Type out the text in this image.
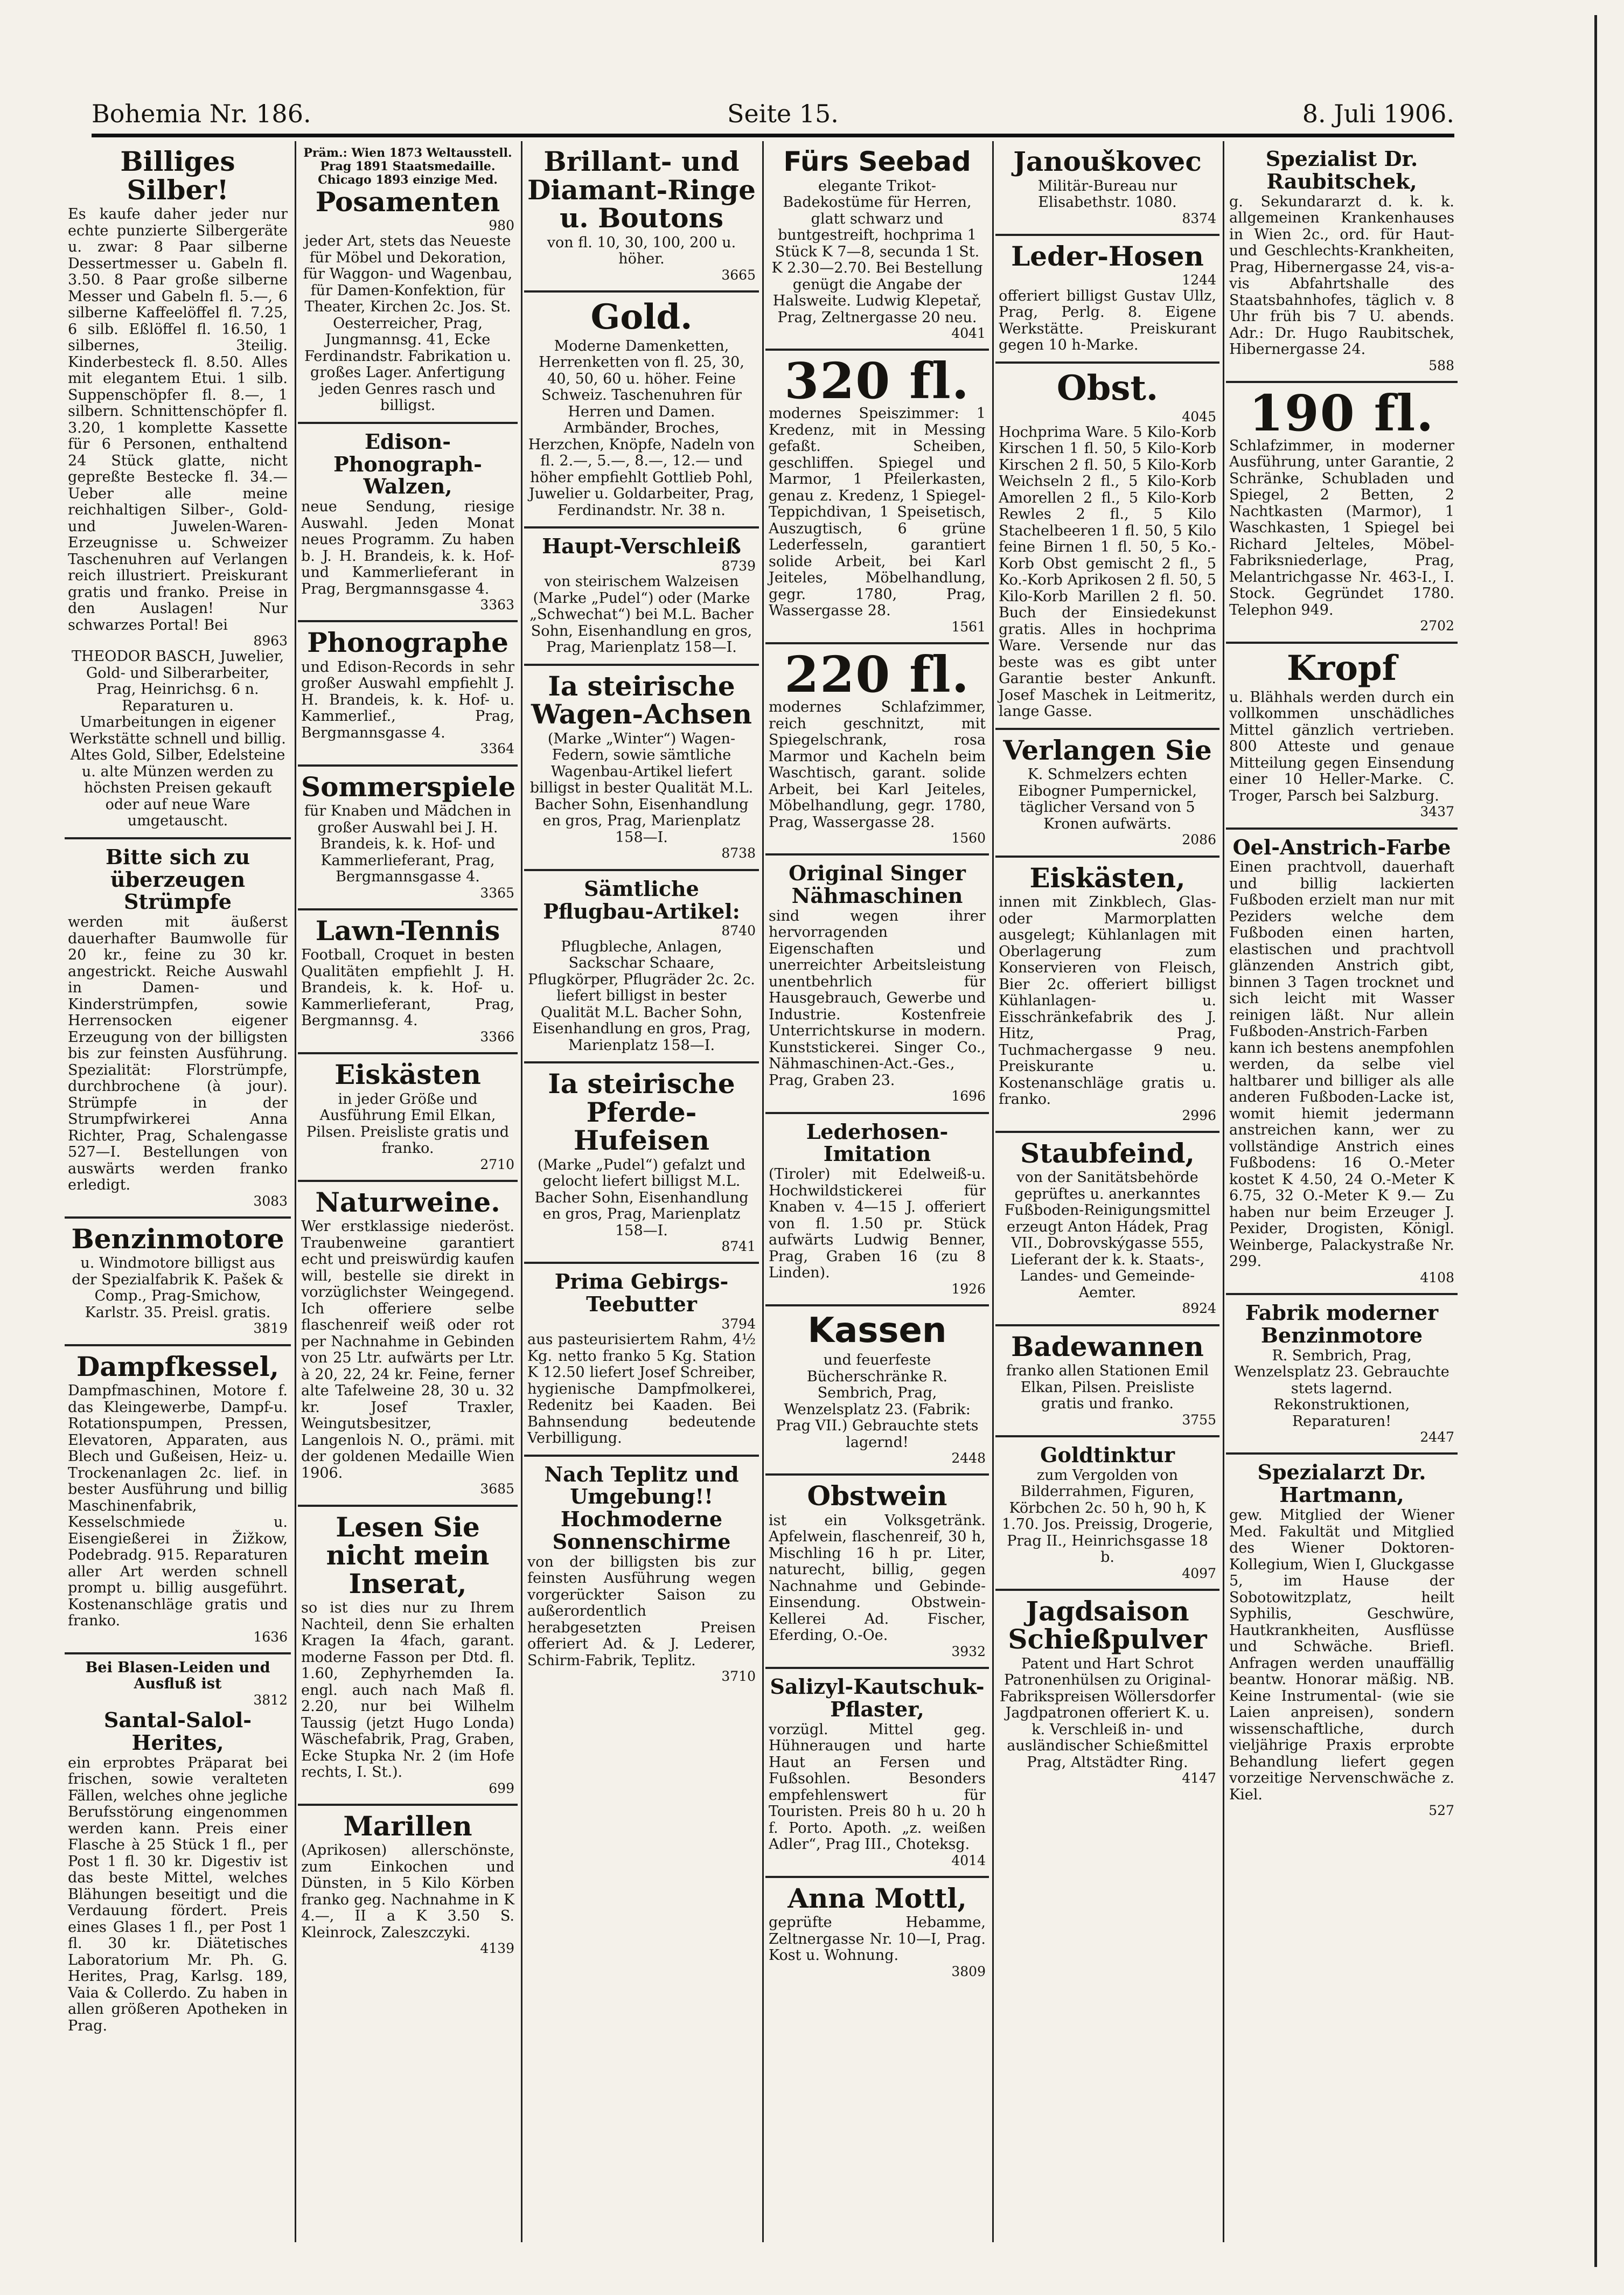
Bohemia Nr. 186.	Seite 15.	8. Juli 1906.
Billiges Silber!
Es kaufe daher jeder nur echte punzierte Silbergeräte u. zwar: 8 Paar silberne Dessertmesser u. Gabeln fl. 3.50. 8 Paar große silberne Messer und Gabeln fl. 5.—, 6 silberne Kaffeelöffel fl. 7.25, 6 silb. Eßlöffel fl. 16.50, 1 silbernes, 3teilig. Kinderbesteck fl. 8.50. Alles mit elegantem Etui. 1 silb. Suppenschöpfer fl. 8.—, 1 silbern. Schnittenschöpfer fl. 3.20, 1 komplette Kassette für 6 Personen, enthaltend 24 Stück glatte, nicht gepreßte Bestecke fl. 34.— Ueber alle meine reichhaltigen Silber-, Gold- und Juwelen-Waren-Erzeugnisse u. Schweizer Taschenuhren auf Verlangen reich illustriert. Preiskurant gratis und franko. Preise in den Auslagen! Nur schwarzes Portal! Bei
8963
THEODOR BASCH, Juwelier, Gold- und Silberarbeiter, Prag, Heinrichsg. 6 n. Reparaturen u. Umarbeitungen in eigener Werkstätte schnell und billig. Altes Gold, Silber, Edelsteine u. alte Münzen werden zu höchsten Preisen gekauft oder auf neue Ware umgetauscht.
Bitte sich zu überzeugen Strümpfe
werden mit äußerst dauerhafter Baumwolle für 20 kr., feine zu 30 kr. angestrickt. Reiche Auswahl in Damen- und Kinderstrümpfen, sowie Herrensocken eigener Erzeugung von der billigsten bis zur feinsten Ausführung. Spezialität: Florstrümpfe, durchbrochene (à jour). Strümpfe in der Strumpfwirkerei Anna Richter, Prag, Schalengasse 527—I. Bestellungen von auswärts werden franko erledigt.
3083
Benzinmotore
u. Windmotore billigst aus der Spezialfabrik K. Pašek & Comp., Prag-Smichow, Karlstr. 35. Preisl. gratis.
3819
Dampfkessel,
Dampfmaschinen, Motore f. das Kleingewerbe, Dampf-u. Rotationspumpen, Pressen, Elevatoren, Apparaten, aus Blech und Gußeisen, Heiz- u. Trockenanlagen 2c. lief. in bester Ausführung und billig Maschinenfabrik, Kesselschmiede u. Eisengießerei in Žižkow, Podebradg. 915. Reparaturen aller Art werden schnell prompt u. billig ausgeführt. Kostenanschläge gratis und franko.
1636
Bei Blasen-Leiden und Ausfluß ist
3812
Santal-Salol-Herites,
ein erprobtes Präparat bei frischen, sowie veralteten Fällen, welches ohne jegliche Berufsstörung eingenommen werden kann. Preis einer Flasche à 25 Stück 1 fl., per Post 1 fl. 30 kr. Digestiv ist das beste Mittel, welches Blähungen beseitigt und die Verdauung fördert. Preis eines Glases 1 fl., per Post 1 fl. 30 kr. Diätetisches Laboratorium Mr. Ph. G. Herites, Prag, Karlsg. 189, Vaia & Collerdo. Zu haben in allen größeren Apotheken in Prag.
Präm.: Wien 1873 Weltausstell. Prag 1891 Staatsmedaille. Chicago 1893 einzige Med.
Posamenten
980
jeder Art, stets das Neueste für Möbel und Dekoration, für Waggon- und Wagenbau, für Damen-Konfektion, für Theater, Kirchen 2c. Jos. St. Oesterreicher, Prag, Jungmannsg. 41, Ecke Ferdinandstr. Fabrikation u. großes Lager. Anfertigung jeden Genres rasch und billigst.
Edison-Phonograph-Walzen,
neue Sendung, riesige Auswahl. Jeden Monat neues Programm. Zu haben b. J. H. Brandeis, k. k. Hof- und Kammerlieferant in Prag, Bergmannsgasse 4.
3363
Phonographe
und Edison-Records in sehr großer Auswahl empfiehlt J. H. Brandeis, k. k. Hof- u. Kammerlief., Prag, Bergmannsgasse 4.
3364
Sommerspiele
für Knaben und Mädchen in großer Auswahl bei J. H. Brandeis, k. k. Hof- und Kammerlieferant, Prag, Bergmannsgasse 4.
3365
Lawn-Tennis
Football, Croquet in besten Qualitäten empfiehlt J. H. Brandeis, k. k. Hof- u. Kammerlieferant, Prag, Bergmannsg. 4.
3366
Eiskästen
in jeder Größe und Ausführung Emil Elkan, Pilsen. Preisliste gratis und franko.
2710
Naturweine.
Wer erstklassige niederöst. Traubenweine garantiert echt und preiswürdig kaufen will, bestelle sie direkt in vorzüglichster Weingegend. Ich offeriere selbe flaschenreif weiß oder rot per Nachnahme in Gebinden von 25 Ltr. aufwärts per Ltr. à 20, 22, 24 kr. Feine, ferner alte Tafelweine 28, 30 u. 32 kr. Josef Traxler, Weingutsbesitzer, Langenlois N. O., prämi. mit der goldenen Medaille Wien 1906.
3685
Lesen Sie nicht mein Inserat,
so ist dies nur zu Ihrem Nachteil, denn Sie erhalten Kragen Ia 4fach, garant. moderne Fasson per Dtd. fl. 1.60, Zephyrhemden Ia. engl. auch nach Maß fl. 2.20, nur bei Wilhelm Taussig (jetzt Hugo Londa) Wäschefabrik, Prag, Graben, Ecke Stupka Nr. 2 (im Hofe rechts, I. St.).
699
Marillen
(Aprikosen) allerschönste, zum Einkochen und Dünsten, in 5 Kilo Körben franko geg. Nachnahme in K 4.—, II a K 3.50 S. Kleinrock, Zaleszczyki.
4139
Brillant- und Diamant-Ringe u. Boutons
von fl. 10, 30, 100, 200 u. höher.
3665
Gold.
Moderne Damenketten, Herrenketten von fl. 25, 30, 40, 50, 60 u. höher. Feine Schweiz. Taschenuhren für Herren und Damen. Armbänder, Broches, Herzchen, Knöpfe, Nadeln von fl. 2.—, 5.—, 8.—, 12.— und höher empfiehlt Gottlieb Pohl, Juwelier u. Goldarbeiter, Prag, Ferdinandstr. Nr. 38 n.
Haupt-Verschleiß
8739
von steirischem Walzeisen (Marke „Pudel“) oder (Marke „Schwechat“) bei M.L. Bacher Sohn, Eisenhandlung en gros, Prag, Marienplatz 158—I.
Ia steirische Wagen-Achsen
(Marke „Winter“) Wagen-Federn, sowie sämtliche Wagenbau-Artikel liefert billigst in bester Qualität M.L. Bacher Sohn, Eisenhandlung en gros, Prag, Marienplatz 158—I.
8738
Sämtliche Pflugbau-Artikel:
8740
Pflugbleche, Anlagen, Sackschar Schaare, Pflugkörper, Pflugräder 2c. 2c. liefert billigst in bester Qualität M.L. Bacher Sohn, Eisenhandlung en gros, Prag, Marienplatz 158—I.
Ia steirische Pferde-Hufeisen
(Marke „Pudel“) gefalzt und gelocht liefert billigst M.L. Bacher Sohn, Eisenhandlung en gros, Prag, Marienplatz 158—I.
8741
Prima Gebirgs-Teebutter
3794
aus pasteurisiertem Rahm, 4½ Kg. netto franko 5 Kg. Station K 12.50 liefert Josef Schreiber, hygienische Dampfmolkerei, Redenitz bei Kaaden. Bei Bahnsendung bedeutende Verbilligung.
Nach Teplitz und Umgebung!! Hochmoderne Sonnenschirme
von der billigsten bis zur feinsten Ausführung wegen vorgerückter Saison zu außerordentlich herabgesetzten Preisen offeriert Ad. & J. Lederer, Schirm-Fabrik, Teplitz.
3710
Fürs Seebad
elegante Trikot-Badekostüme für Herren, glatt schwarz und buntgestreift, hochprima 1 Stück K 7—8, secunda 1 St. K 2.30—2.70. Bei Bestellung genügt die Angabe der Halsweite. Ludwig Klepetař, Prag, Zeltnergasse 20 neu.
4041
320 fl.
modernes Speiszimmer: 1 Kredenz, mit in Messing gefaßt. Scheiben, geschliffen. Spiegel und Marmor, 1 Pfeilerkasten, genau z. Kredenz, 1 Spiegel-Teppichdivan, 1 Speisetisch, Auszugtisch, 6 grüne Lederfesseln, garantiert solide Arbeit, bei Karl Jeiteles, Möbelhandlung, gegr. 1780, Prag, Wassergasse 28.
1561
220 fl.
modernes Schlafzimmer, reich geschnitzt, mit Spiegelschrank, rosa Marmor und Kacheln beim Waschtisch, garant. solide Arbeit, bei Karl Jeiteles, Möbelhandlung, gegr. 1780, Prag, Wassergasse 28.
1560
Original Singer Nähmaschinen
sind wegen ihrer hervorragenden Eigenschaften und unerreichter Arbeitsleistung unentbehrlich für Hausgebrauch, Gewerbe und Industrie. Kostenfreie Unterrichtskurse in modern. Kunststickerei. Singer Co., Nähmaschinen-Act.-Ges., Prag, Graben 23.
1696
Lederhosen-Imitation
(Tiroler) mit Edelweiß-u. Hochwildstickerei für Knaben v. 4—15 J. offeriert von fl. 1.50 pr. Stück aufwärts Ludwig Benner, Prag, Graben 16 (zu 8 Linden).
1926
Kassen
und feuerfeste Bücherschränke R. Sembrich, Prag, Wenzelsplatz 23. (Fabrik: Prag VII.) Gebrauchte stets lagernd!
2448
Obstwein
ist ein Volksgetränk. Apfelwein, flaschenreif, 30 h, Mischling 16 h pr. Liter, naturecht, billig, gegen Nachnahme und Gebinde-Einsendung. Obstwein-Kellerei Ad. Fischer, Eferding, O.-Oe.
3932
Salizyl-Kautschuk-Pflaster,
vorzügl. Mittel geg. Hühneraugen und harte Haut an Fersen und Fußsohlen. Besonders empfehlenswert für Touristen. Preis 80 h u. 20 h f. Porto. Apoth. „z. weißen Adler“, Prag III., Choteksg.
4014
Anna Mottl,
geprüfte Hebamme, Zeltnergasse Nr. 10—I, Prag. Kost u. Wohnung.
3809
Janouškovec
Militär-Bureau nur Elisabethstr. 1080.
8374
Leder-Hosen
1244
offeriert billigst Gustav Ullz, Prag, Perlg. 8. Eigene Werkstätte. Preiskurant gegen 10 h-Marke.
Obst.
4045
Hochprima Ware. 5 Kilo-Korb Kirschen 1 fl. 50, 5 Kilo-Korb Kirschen 2 fl. 50, 5 Kilo-Korb Weichseln 2 fl., 5 Kilo-Korb Amorellen 2 fl., 5 Kilo-Korb Rewles 2 fl., 5 Kilo Stachelbeeren 1 fl. 50, 5 Kilo feine Birnen 1 fl. 50, 5 Ko.-Korb Obst gemischt 2 fl., 5 Ko.-Korb Aprikosen 2 fl. 50, 5 Kilo-Korb Marillen 2 fl. 50. Buch der Einsiedekunst gratis. Alles in hochprima Ware. Versende nur das beste was es gibt unter Garantie bester Ankunft. Josef Maschek in Leitmeritz, lange Gasse.
Verlangen Sie
K. Schmelzers echten Eibogner Pumpernickel, täglicher Versand von 5 Kronen aufwärts.
2086
Eiskästen,
innen mit Zinkblech, Glas- oder Marmorplatten ausgelegt; Kühlanlagen mit Oberlagerung zum Konservieren von Fleisch, Bier 2c. offeriert billigst Kühlanlagen- u. Eisschränkefabrik des J. Hitz, Prag, Tuchmachergasse 9 neu. Preiskurante u. Kostenanschläge gratis u. franko.
2996
Staubfeind,
von der Sanitätsbehörde geprüftes u. anerkanntes Fußboden-Reinigungsmittel erzeugt Anton Hádek, Prag VII., Dobrovskýgasse 555, Lieferant der k. k. Staats-, Landes- und Gemeinde-Aemter.
8924
Badewannen
franko allen Stationen Emil Elkan, Pilsen. Preisliste gratis und franko.
3755
Goldtinktur
zum Vergolden von Bilderrahmen, Figuren, Körbchen 2c. 50 h, 90 h, K 1.70. Jos. Preissig, Drogerie, Prag II., Heinrichsgasse 18 b.
4097
Jagdsaison Schießpulver
Patent und Hart Schrot Patronenhülsen zu Original-Fabrikspreisen Wöllersdorfer Jagdpatronen offeriert K. u. k. Verschleiß in- und ausländischer Schießmittel Prag, Altstädter Ring.
4147
Spezialist Dr. Raubitschek,
g. Sekundararzt d. k. k. allgemeinen Krankenhauses in Wien 2c., ord. für Haut- und Geschlechts-Krankheiten, Prag, Hibernergasse 24, vis-a-vis Abfahrtshalle des Staatsbahnhofes, täglich v. 8 Uhr früh bis 7 U. abends. Adr.: Dr. Hugo Raubitschek, Hibernergasse 24.
588
190 fl.
Schlafzimmer, in moderner Ausführung, unter Garantie, 2 Schränke, Schubladen und Spiegel, 2 Betten, 2 Nachtkasten (Marmor), 1 Waschkasten, 1 Spiegel bei Richard Jelteles, Möbel-Fabriksniederlage, Prag, Melantrichgasse Nr. 463-I., I. Stock. Gegründet 1780. Telephon 949.
2702
Kropf
u. Blähhals werden durch ein vollkommen unschädliches Mittel gänzlich vertrieben. 800 Atteste und genaue Mitteilung gegen Einsendung einer 10 Heller-Marke. C. Troger, Parsch bei Salzburg.
3437
Oel-Anstrich-Farbe
Einen prachtvoll, dauerhaft und billig lackierten Fußboden erzielt man nur mit Peziders welche dem Fußboden einen harten, elastischen und prachtvoll glänzenden Anstrich gibt, binnen 3 Tagen trocknet und sich leicht mit Wasser reinigen läßt. Nur allein Fußboden-Anstrich-Farben kann ich bestens anempfohlen werden, da selbe viel haltbarer und billiger als alle anderen Fußboden-Lacke ist, womit hiemit jedermann anstreichen kann, wer zu vollständige Anstrich eines Fußbodens: 16 O.-Meter kostet K 4.50, 24 O.-Meter K 6.75, 32 O.-Meter K 9.— Zu haben nur beim Erzeuger J. Pexider, Drogisten, Königl. Weinberge, Palackystraße Nr. 299.
4108
Fabrik moderner Benzinmotore
R. Sembrich, Prag, Wenzelsplatz 23. Gebrauchte stets lagernd. Rekonstruktionen, Reparaturen!
2447
Spezialarzt Dr. Hartmann,
gew. Mitglied der Wiener Med. Fakultät und Mitglied des Wiener Doktoren-Kollegium, Wien I, Gluckgasse 5, im Hause der Sobotowitzplatz, heilt Syphilis, Geschwüre, Hautkrankheiten, Ausflüsse und Schwäche. Briefl. Anfragen werden unauffällig beantw. Honorar mäßig. NB. Keine Instrumental- (wie sie Laien anpreisen), sondern wissenschaftliche, durch vieljährige Praxis erprobte Behandlung liefert gegen vorzeitige Nervenschwäche z. Kiel.
527
